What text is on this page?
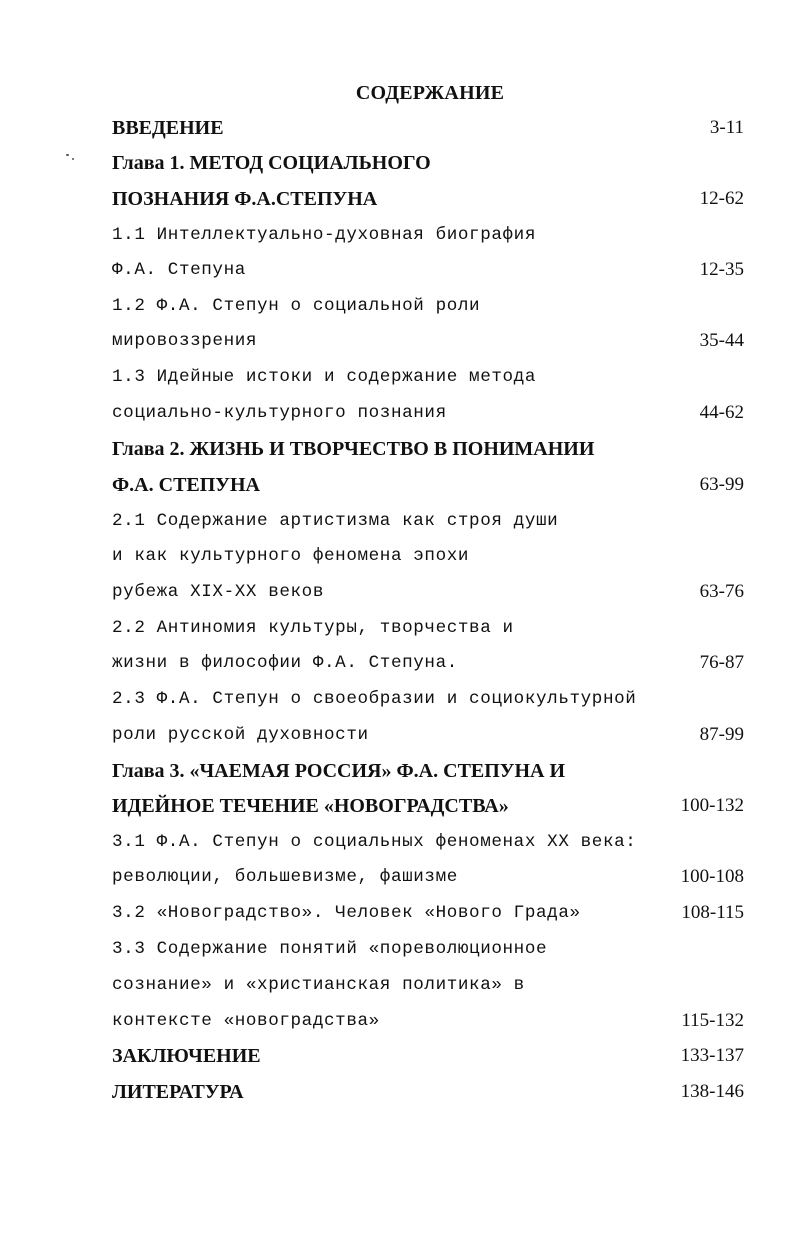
СОДЕРЖАНИЕ
ВВЕДЕНИЕ	3-11
Глава 1. МЕТОД СОЦИАЛЬНОГО
ПОЗНАНИЯ Ф.А.СТЕПУНА	12-62
1.1 Интеллектуально-духовная биография
Ф.А. Степуна	12-35
1.2 Ф.А. Степун о социальной роли
мировоззрения	35-44
1.3 Идейные истоки и содержание метода
социально-культурного познания	44-62
Глава 2. ЖИЗНЬ И ТВОРЧЕСТВО В ПОНИМАНИИ
Ф.А. СТЕПУНА	63-99
2.1 Содержание артистизма как строя души
и как культурного феномена эпохи
рубежа XIX-XX веков	63-76
2.2 Антиномия культуры, творчества и
жизни в философии Ф.А. Степуна.	76-87
2.3 Ф.А. Степун о своеобразии и социокультурной
роли русской духовности	87-99
Глава 3. «ЧАЕМАЯ РОССИЯ» Ф.А. СТЕПУНА И
ИДЕЙНОЕ ТЕЧЕНИЕ «НОВОГРАДСТВА»	100-132
3.1 Ф.А. Степун о социальных феноменах XX века:
революции, большевизме, фашизме	100-108
3.2 «Новоградство». Человек «Нового Града»	108-115
3.3 Содержание понятий «пореволюционное
сознание» и «христианская политика» в
контексте «новоградства»	115-132
ЗАКЛЮЧЕНИЕ	133-137
ЛИТЕРАТУРА	138-146
